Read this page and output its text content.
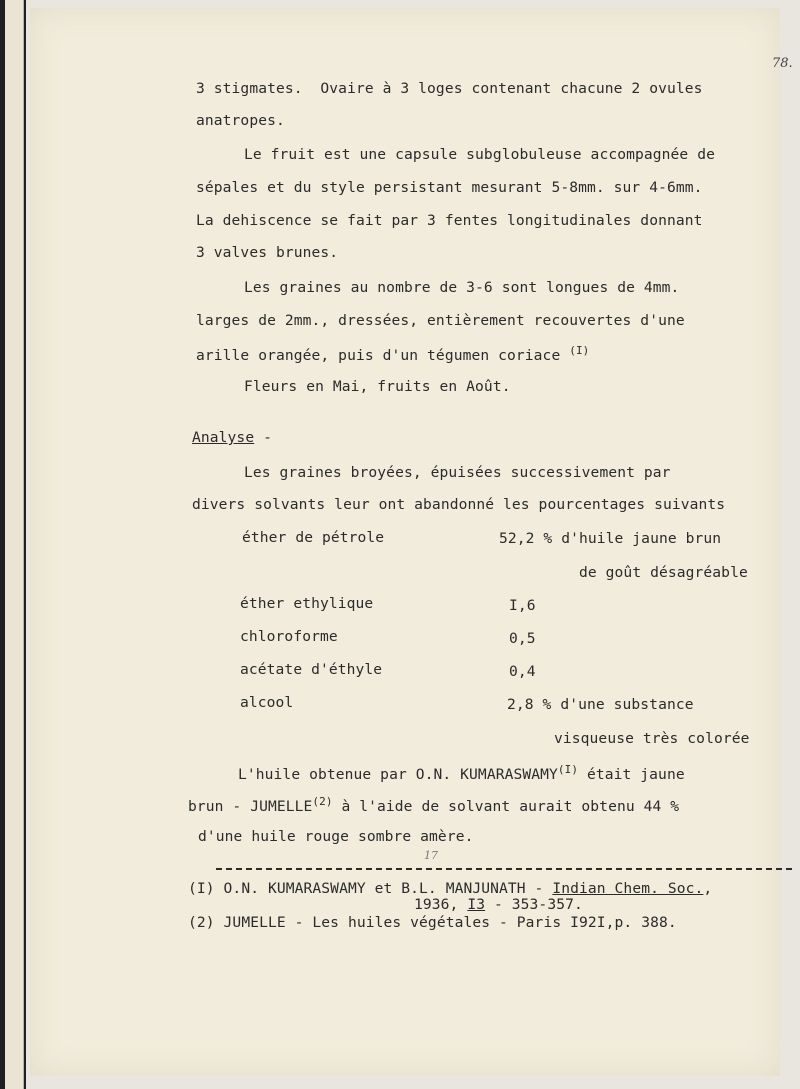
78.
3 stigmates.  Ovaire à 3 loges contenant chacune 2 ovules
anatropes.
Le fruit est une capsule subglobuleuse accompagnée de
sépales et du style persistant mesurant 5-8mm. sur 4-6mm.
La dehiscence se fait par 3 fentes longitudinales donnant
3 valves brunes.
Les graines au nombre de 3-6 sont longues de 4mm.
larges de 2mm., dressées, entièrement recouvertes d'une
arille orangée, puis d'un tégumen coriace $^{(I)}$
Fleurs en Mai, fruits en Août.
Analyse -
Les graines broyées, épuisées successivement par
divers solvants leur ont abandonné les pourcentages suivants
éther de pétrole	52,2 % d'huile jaune brun
de goût désagréable
éther ethylique	I,6
chloroforme	0,5
acétate d'éthyle	0,4
alcool	2,8 % d'une substance
visqueuse très colorée
L'huile obtenue par O.N. $KUMARASWAMY^{(I)}$ était jaune
brun - JUMELLE$^{(2)}$ à l'aide de solvant aurait obtenu 44 %
d'une huile rouge sombre amère.
17
(I) O.N. KUMARASWAMY et B.L. MANJUNATH - Indian Chem. Soc.,
1936, I3 - 353-357.
(2) JUMELLE - Les huiles végétales - Paris I92I,p. 388.
